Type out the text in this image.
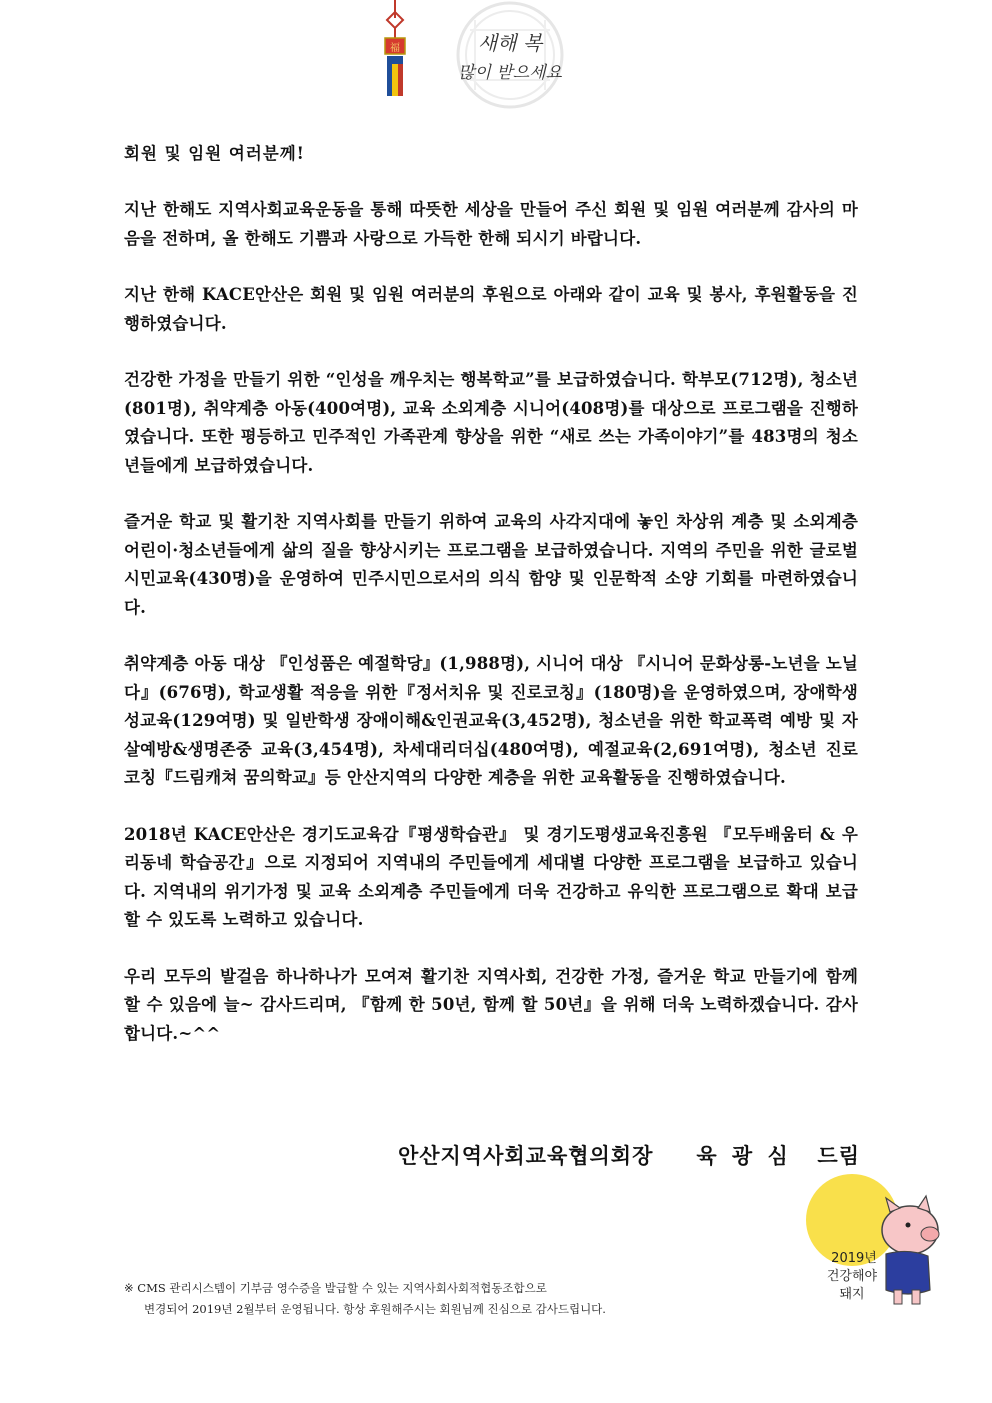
福	새해 복
많이 받으세요

회원 및 임원 여러분께!

지난 한해도 지역사회교육운동을 통해 따뜻한 세상을 만들어 주신 회원 및 임원 여러분께 감사의 마음을 전하며, 올 한해도 기쁨과 사랑으로 가득한 한해 되시기 바랍니다.

지난 한해 KACE안산은 회원 및 임원 여러분의 후원으로 아래와 같이 교육 및 봉사, 후원활동을 진행하였습니다.

건강한 가정을 만들기 위한 “인성을 깨우치는 행복학교”를 보급하였습니다. 학부모(712명), 청소년(801명), 취약계층 아동(400여명), 교육 소외계층 시니어(408명)를 대상으로 프로그램을 진행하였습니다. 또한 평등하고 민주적인 가족관계 향상을 위한 “새로 쓰는 가족이야기”를 483명의 청소년들에게 보급하였습니다.

즐거운 학교 및 활기찬 지역사회를 만들기 위하여 교육의 사각지대에 놓인 차상위 계층 및 소외계층 어린이·청소년들에게 삶의 질을 향상시키는 프로그램을 보급하였습니다. 지역의 주민을 위한 글로벌 시민교육(430명)을 운영하여 민주시민으로서의 의식 함양 및 인문학적 소양 기회를 마련하였습니다.

취약계층 아동 대상 『인성품은 예절학당』(1,988명), 시니어 대상 『시니어 문화상롱-노년을 노닐다』(676명), 학교생활 적응을 위한『정서치유 및 진로코칭』(180명)을 운영하였으며, 장애학생 성교육(129여명) 및 일반학생 장애이해&인권교육(3,452명), 청소년을 위한 학교폭력 예방 및 자살예방&생명존중 교육(3,454명), 차세대리더십(480여명), 예절교육(2,691여명), 청소년 진로코칭『드림캐쳐 꿈의학교』등 안산지역의 다양한 계층을 위한 교육활동을 진행하였습니다.

2018년 KACE안산은 경기도교육감『평생학습관』 및 경기도평생교육진흥원 『모두배움터 & 우리동네 학습공간』으로 지정되어 지역내의 주민들에게 세대별 다양한 프로그램을 보급하고 있습니다. 지역내의 위기가정 및 교육 소외계층 주민들에게 더욱 건강하고 유익한 프로그램으로 확대 보급할 수 있도록 노력하고 있습니다.

우리 모두의 발걸음 하나하나가 모여져 활기찬 지역사회, 건강한 가정, 즐거운 학교 만들기에 함께 할 수 있음에 늘~ 감사드리며, 『함께 한 50년, 함께 할 50년』을 위해 더욱 노력하겠습니다. 감사합니다.~^^

안산지역사회교육협의회장   육 광 심  드림
※ CMS 관리시스템이 기부금 영수증을 발급할 수 있는 지역사회사회적협동조합으로
변경되어 2019년 2월부터 운영됩니다. 항상 후원해주시는 회원님께 진심으로 감사드립니다.
2019년
건강해야
돼지
